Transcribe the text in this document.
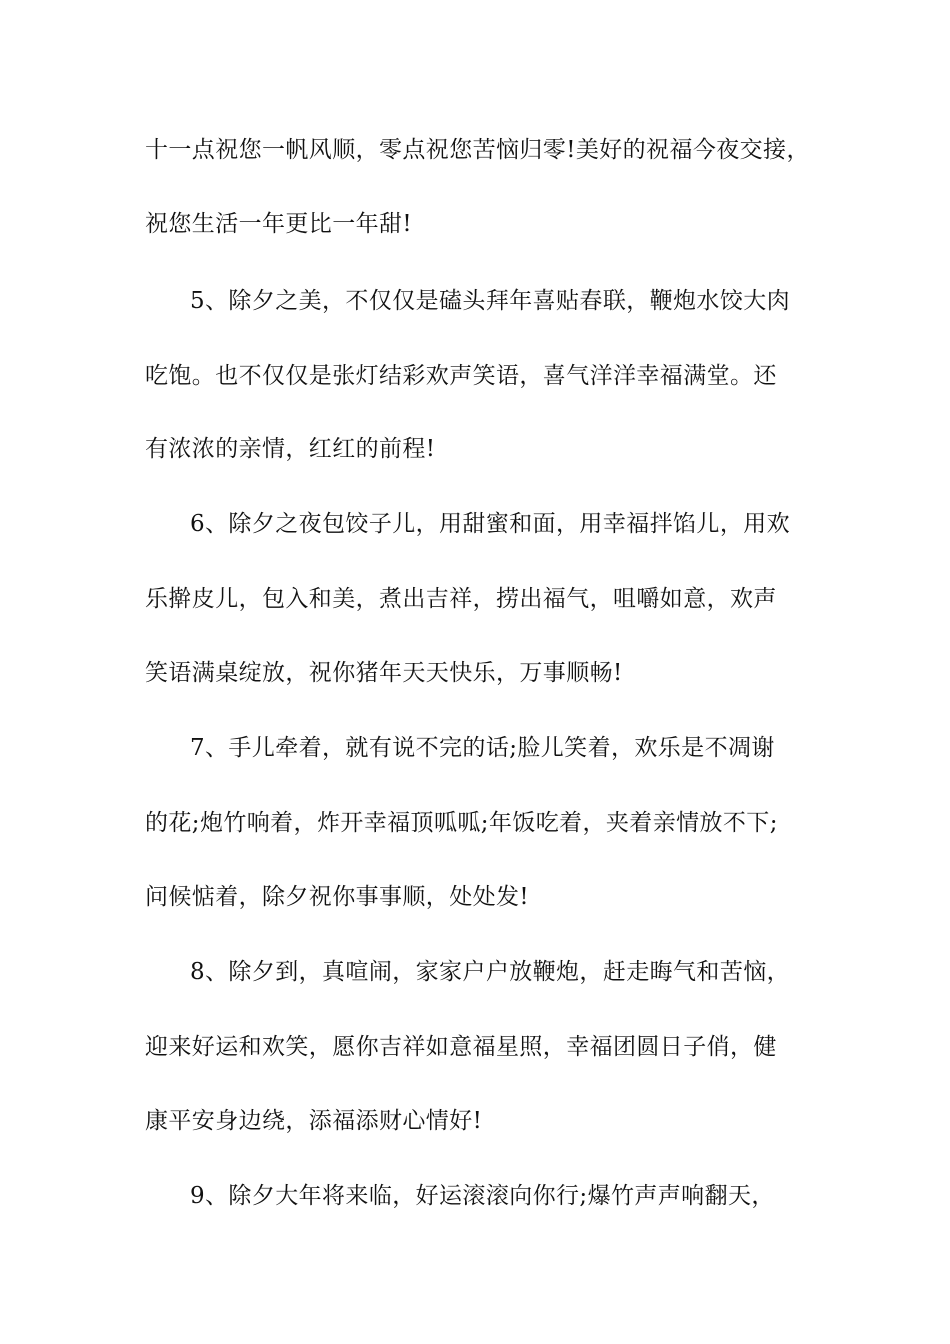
十一点祝您一帆风顺，零点祝您苦恼归零!美好的祝福今夜交接，
祝您生活一年更比一年甜!
5、除夕之美，不仅仅是磕头拜年喜贴春联，鞭炮水饺大肉
吃饱。也不仅仅是张灯结彩欢声笑语，喜气洋洋幸福满堂。还
有浓浓的亲情，红红的前程!
6、除夕之夜包饺子儿，用甜蜜和面，用幸福拌馅儿，用欢
乐擀皮儿，包入和美，煮出吉祥，捞出福气，咀嚼如意，欢声
笑语满桌绽放，祝你猪年天天快乐，万事顺畅!
7、手儿牵着，就有说不完的话;脸儿笑着，欢乐是不凋谢
的花;炮竹响着，炸开幸福顶呱呱;年饭吃着，夹着亲情放不下;
问候惦着，除夕祝你事事顺，处处发!
8、除夕到，真喧闹，家家户户放鞭炮，赶走晦气和苦恼，
迎来好运和欢笑，愿你吉祥如意福星照，幸福团圆日子俏，健
康平安身边绕，添福添财心情好!
9、除夕大年将来临，好运滚滚向你行;爆竹声声响翻天，
